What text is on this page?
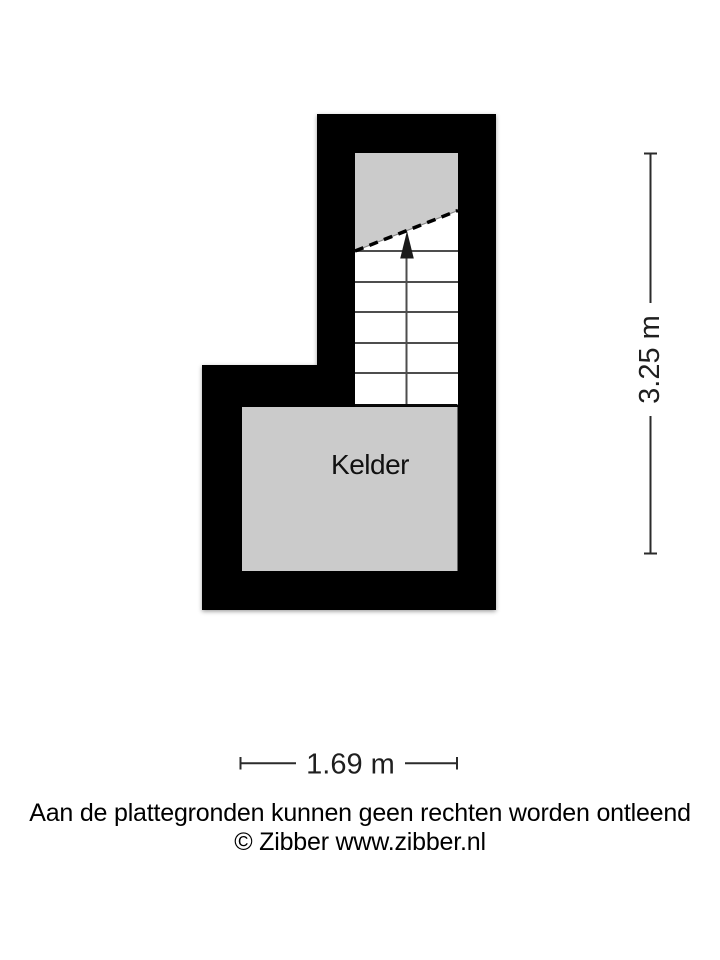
Kelder
3.25 m
1.69 m
Aan de plattegronden kunnen geen rechten worden ontleend
© Zibber www.zibber.nl
